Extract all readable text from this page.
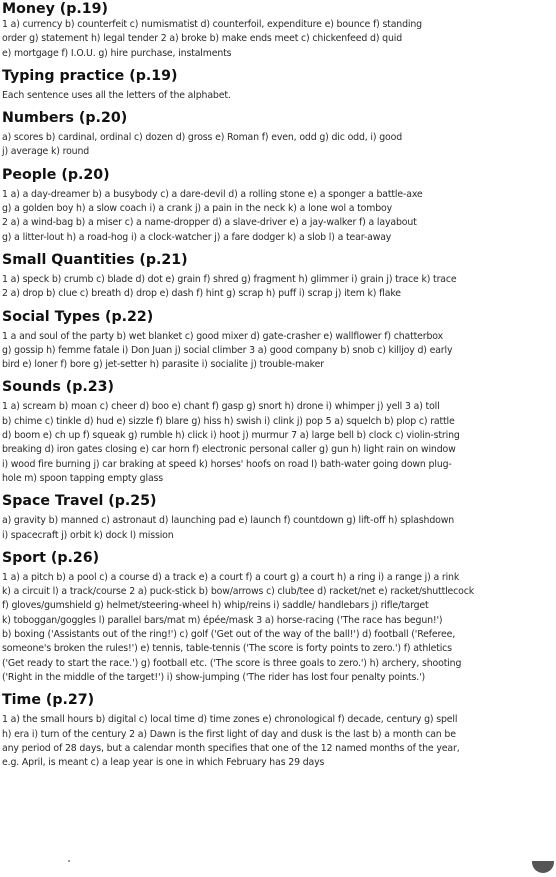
Money (p.19)
1 a) currency b) counterfeit c) numismatist d) counterfoil, expenditure e) bounce f) standing
order g) statement h) legal tender 2 a) broke b) make ends meet c) chickenfeed d) quid
e) mortgage f) I.O.U. g) hire purchase, instalments
Typing practice (p.19)
Each sentence uses all the letters of the alphabet.
Numbers (p.20)
a) scores b) cardinal, ordinal c) dozen d) gross e) Roman f) even, odd g) dic odd, i) good
j) average k) round
People (p.20)
1 a) a day-dreamer b) a busybody c) a dare-devil d) a rolling stone e) a sponger a battle-axe
g) a golden boy h) a slow coach i) a crank j) a pain in the neck k) a lone wol a tomboy
2 a) a wind-bag b) a miser c) a name-dropper d) a slave-driver e) a jay-walker f) a layabout
g) a litter-lout h) a road-hog i) a clock-watcher j) a fare dodger k) a slob l) a tear-away
Small Quantities (p.21)
1 a) speck b) crumb c) blade d) dot e) grain f) shred g) fragment h) glimmer i) grain j) trace k) trace
2 a) drop b) clue c) breath d) drop e) dash f) hint g) scrap h) puff i) scrap j) item k) flake
Social Types (p.22)
1 a and soul of the party b) wet blanket c) good mixer d) gate-crasher e) wallflower f) chatterbox
g) gossip h) femme fatale i) Don Juan j) social climber 3 a) good company b) snob c) killjoy d) early
bird e) loner f) bore g) jet-setter h) parasite i) socialite j) trouble-maker
Sounds (p.23)
1 a) scream b) moan c) cheer d) boo e) chant f) gasp g) snort h) drone i) whimper j) yell 3 a) toll
b) chime c) tinkle d) hud e) sizzle f) blare g) hiss h) swish i) clink j) pop 5 a) squelch b) plop c) rattle
d) boom e) ch up f) squeak g) rumble h) click i) hoot j) murmur 7 a) large bell b) clock c) violin-string
breaking d) iron gates closing e) car horn f) electronic personal caller g) gun h) light rain on window
i) wood fire burning j) car braking at speed k) horses' hoofs on road l) bath-water going down plug-
hole m) spoon tapping empty glass
Space Travel (p.25)
a) gravity b) manned c) astronaut d) launching pad e) launch f) countdown g) lift-off h) splashdown
i) spacecraft j) orbit k) dock l) mission
Sport (p.26)
1 a) a pitch b) a pool c) a course d) a track e) a court f) a court g) a court h) a ring i) a range j) a rink
k) a circuit l) a track/course 2 a) puck-stick b) bow/arrows c) club/tee d) racket/net e) racket/shuttlecock
f) gloves/gumshield g) helmet/steering-wheel h) whip/reins i) saddle/ handlebars j) rifle/target
k) toboggan/goggles l) parallel bars/mat m) épée/mask 3 a) horse-racing ('The race has begun!')
b) boxing ('Assistants out of the ring!') c) golf ('Get out of the way of the ball!') d) football ('Referee,
someone's broken the rules!') e) tennis, table-tennis ('The score is forty points to zero.') f) athletics
('Get ready to start the race.') g) football etc. ('The score is three goals to zero.') h) archery, shooting
('Right in the middle of the target!') i) show-jumping ('The rider has lost four penalty points.')
Time (p.27)
1 a) the small hours b) digital c) local time d) time zones e) chronological f) decade, century g) spell
h) era i) turn of the century 2 a) Dawn is the first light of day and dusk is the last b) a month can be
any period of 28 days, but a calendar month specifies that one of the 12 named months of the year,
e.g. April, is meant c) a leap year is one in which February has 29 days
